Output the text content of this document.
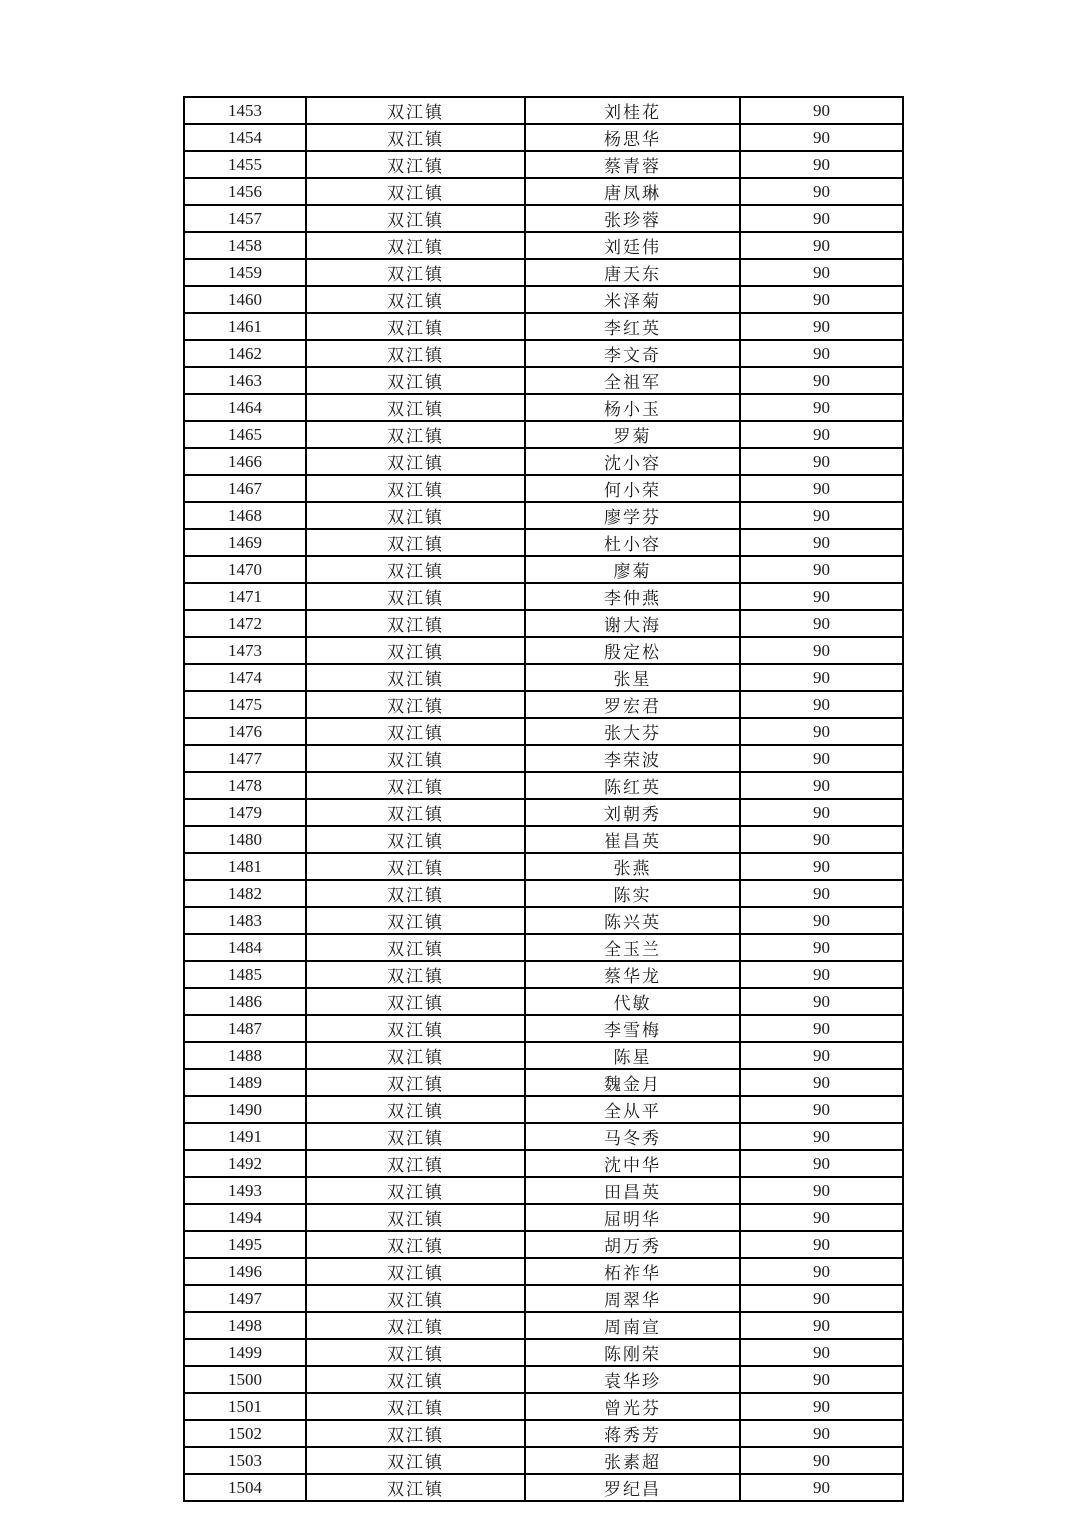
1453	双江镇	刘桂花	90
1454	双江镇	杨思华	90
1455	双江镇	蔡青蓉	90
1456	双江镇	唐凤琳	90
1457	双江镇	张珍蓉	90
1458	双江镇	刘廷伟	90
1459	双江镇	唐天东	90
1460	双江镇	米泽菊	90
1461	双江镇	李红英	90
1462	双江镇	李文奇	90
1463	双江镇	全祖军	90
1464	双江镇	杨小玉	90
1465	双江镇	罗菊	90
1466	双江镇	沈小容	90
1467	双江镇	何小荣	90
1468	双江镇	廖学芬	90
1469	双江镇	杜小容	90
1470	双江镇	廖菊	90
1471	双江镇	李仲燕	90
1472	双江镇	谢大海	90
1473	双江镇	殷定松	90
1474	双江镇	张星	90
1475	双江镇	罗宏君	90
1476	双江镇	张大芬	90
1477	双江镇	李荣波	90
1478	双江镇	陈红英	90
1479	双江镇	刘朝秀	90
1480	双江镇	崔昌英	90
1481	双江镇	张燕	90
1482	双江镇	陈实	90
1483	双江镇	陈兴英	90
1484	双江镇	全玉兰	90
1485	双江镇	蔡华龙	90
1486	双江镇	代敏	90
1487	双江镇	李雪梅	90
1488	双江镇	陈星	90
1489	双江镇	魏金月	90
1490	双江镇	全从平	90
1491	双江镇	马冬秀	90
1492	双江镇	沈中华	90
1493	双江镇	田昌英	90
1494	双江镇	屈明华	90
1495	双江镇	胡万秀	90
1496	双江镇	柘祚华	90
1497	双江镇	周翠华	90
1498	双江镇	周南宣	90
1499	双江镇	陈刚荣	90
1500	双江镇	袁华珍	90
1501	双江镇	曾光芬	90
1502	双江镇	蒋秀芳	90
1503	双江镇	张素超	90
1504	双江镇	罗纪昌	90
